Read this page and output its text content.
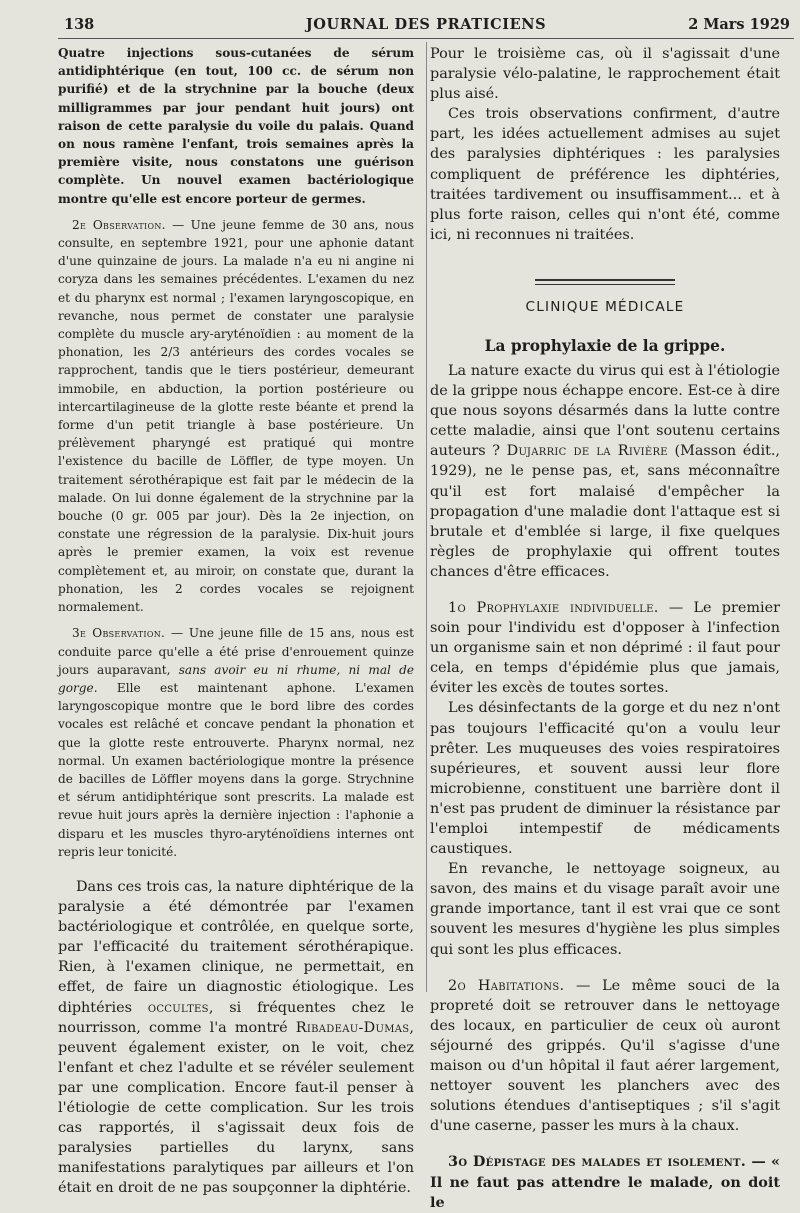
138	JOURNAL DES PRATICIENS	2 Mars 1929
Quatre injections sous-cutanées de sérum antidiphtérique (en tout, 100 cc. de sérum non purifié) et de la strychnine par la bouche (deux milligrammes par jour pendant huit jours) ont raison de cette paralysie du voile du palais. Quand on nous ramène l'enfant, trois semaines après la première visite, nous constatons une guérison complète. Un nouvel examen bactériologique montre qu'elle est encore porteur de germes.
2e Observation. — Une jeune femme de 30 ans, nous consulte, en septembre 1921, pour une aphonie datant d'une quinzaine de jours. La malade n'a eu ni angine ni coryza dans les semaines précédentes. L'examen du nez et du pharynx est normal ; l'examen laryngoscopique, en revanche, nous permet de constater une paralysie complète du muscle ary-aryténoïdien : au moment de la phonation, les 2/3 antérieurs des cordes vocales se rapprochent, tandis que le tiers postérieur, demeurant immobile, en abduction, la portion postérieure ou intercartilagineuse de la glotte reste béante et prend la forme d'un petit triangle à base postérieure. Un prélèvement pharyngé est pratiqué qui montre l'existence du bacille de Löffler, de type moyen. Un traitement sérothérapique est fait par le médecin de la malade. On lui donne également de la strychnine par la bouche (0 gr. 005 par jour). Dès la 2e injection, on constate une régression de la paralysie. Dix-huit jours après le premier examen, la voix est revenue complètement et, au miroir, on constate que, durant la phonation, les 2 cordes vocales se rejoignent normalement.
3e Observation. — Une jeune fille de 15 ans, nous est conduite parce qu'elle a été prise d'enrouement quinze jours auparavant, sans avoir eu ni rhume, ni mal de gorge. Elle est maintenant aphone. L'examen laryngoscopique montre que le bord libre des cordes vocales est relâché et concave pendant la phonation et que la glotte reste entrouverte. Pharynx normal, nez normal. Un examen bactériologique montre la présence de bacilles de Löffler moyens dans la gorge. Strychnine et sérum antidiphtérique sont prescrits. La malade est revue huit jours après la dernière injection : l'aphonie a disparu et les muscles thyro-aryténoïdiens internes ont repris leur tonicité.
Dans ces trois cas, la nature diphtérique de la paralysie a été démontrée par l'examen bactériologique et contrôlée, en quelque sorte, par l'efficacité du traitement sérothérapique. Rien, à l'examen clinique, ne permettait, en effet, de faire un diagnostic étiologique. Les diphtéries occultes, si fréquentes chez le nourrisson, comme l'a montré Ribadeau-Dumas, peuvent également exister, on le voit, chez l'enfant et chez l'adulte et se révéler seulement par une complication. Encore faut-il penser à l'étiologie de cette complication. Sur les trois cas rapportés, il s'agissait deux fois de paralysies partielles du larynx, sans manifestations paralytiques par ailleurs et l'on était en droit de ne pas soupçonner la diphtérie.
Pour le troisième cas, où il s'agissait d'une paralysie vélo-palatine, le rapprochement était plus aisé.
Ces trois observations confirment, d'autre part, les idées actuellement admises au sujet des paralysies diphtériques : les paralysies compliquent de préférence les diphtéries, traitées tardivement ou insuffisamment... et à plus forte raison, celles qui n'ont été, comme ici, ni reconnues ni traitées.
CLINIQUE MÉDICALE
La prophylaxie de la grippe.
La nature exacte du virus qui est à l'étiologie de la grippe nous échappe encore. Est-ce à dire que nous soyons désarmés dans la lutte contre cette maladie, ainsi que l'ont soutenu certains auteurs ? Dujarric de la Rivière (Masson édit., 1929), ne le pense pas, et, sans méconnaître qu'il est fort malaisé d'empêcher la propagation d'une maladie dont l'attaque est si brutale et d'emblée si large, il fixe quelques règles de prophylaxie qui offrent toutes chances d'être efficaces.
1o Prophylaxie individuelle. — Le premier soin pour l'individu est d'opposer à l'infection un organisme sain et non déprimé : il faut pour cela, en temps d'épidémie plus que jamais, éviter les excès de toutes sortes.
Les désinfectants de la gorge et du nez n'ont pas toujours l'efficacité qu'on a voulu leur prêter. Les muqueuses des voies respiratoires supérieures, et souvent aussi leur flore microbienne, constituent une barrière dont il n'est pas prudent de diminuer la résistance par l'emploi intempestif de médicaments caustiques.
En revanche, le nettoyage soigneux, au savon, des mains et du visage paraît avoir une grande importance, tant il est vrai que ce sont souvent les mesures d'hygiène les plus simples qui sont les plus efficaces.
2o Habitations. — Le même souci de la propreté doit se retrouver dans le nettoyage des locaux, en particulier de ceux où auront séjourné des grippés. Qu'il s'agisse d'une maison ou d'un hôpital il faut aérer largement, nettoyer souvent les planchers avec des solutions étendues d'antiseptiques ; s'il s'agit d'une caserne, passer les murs à la chaux.
3o Dépistage des malades et isolement. — « Il ne faut pas attendre le malade, on doit le
